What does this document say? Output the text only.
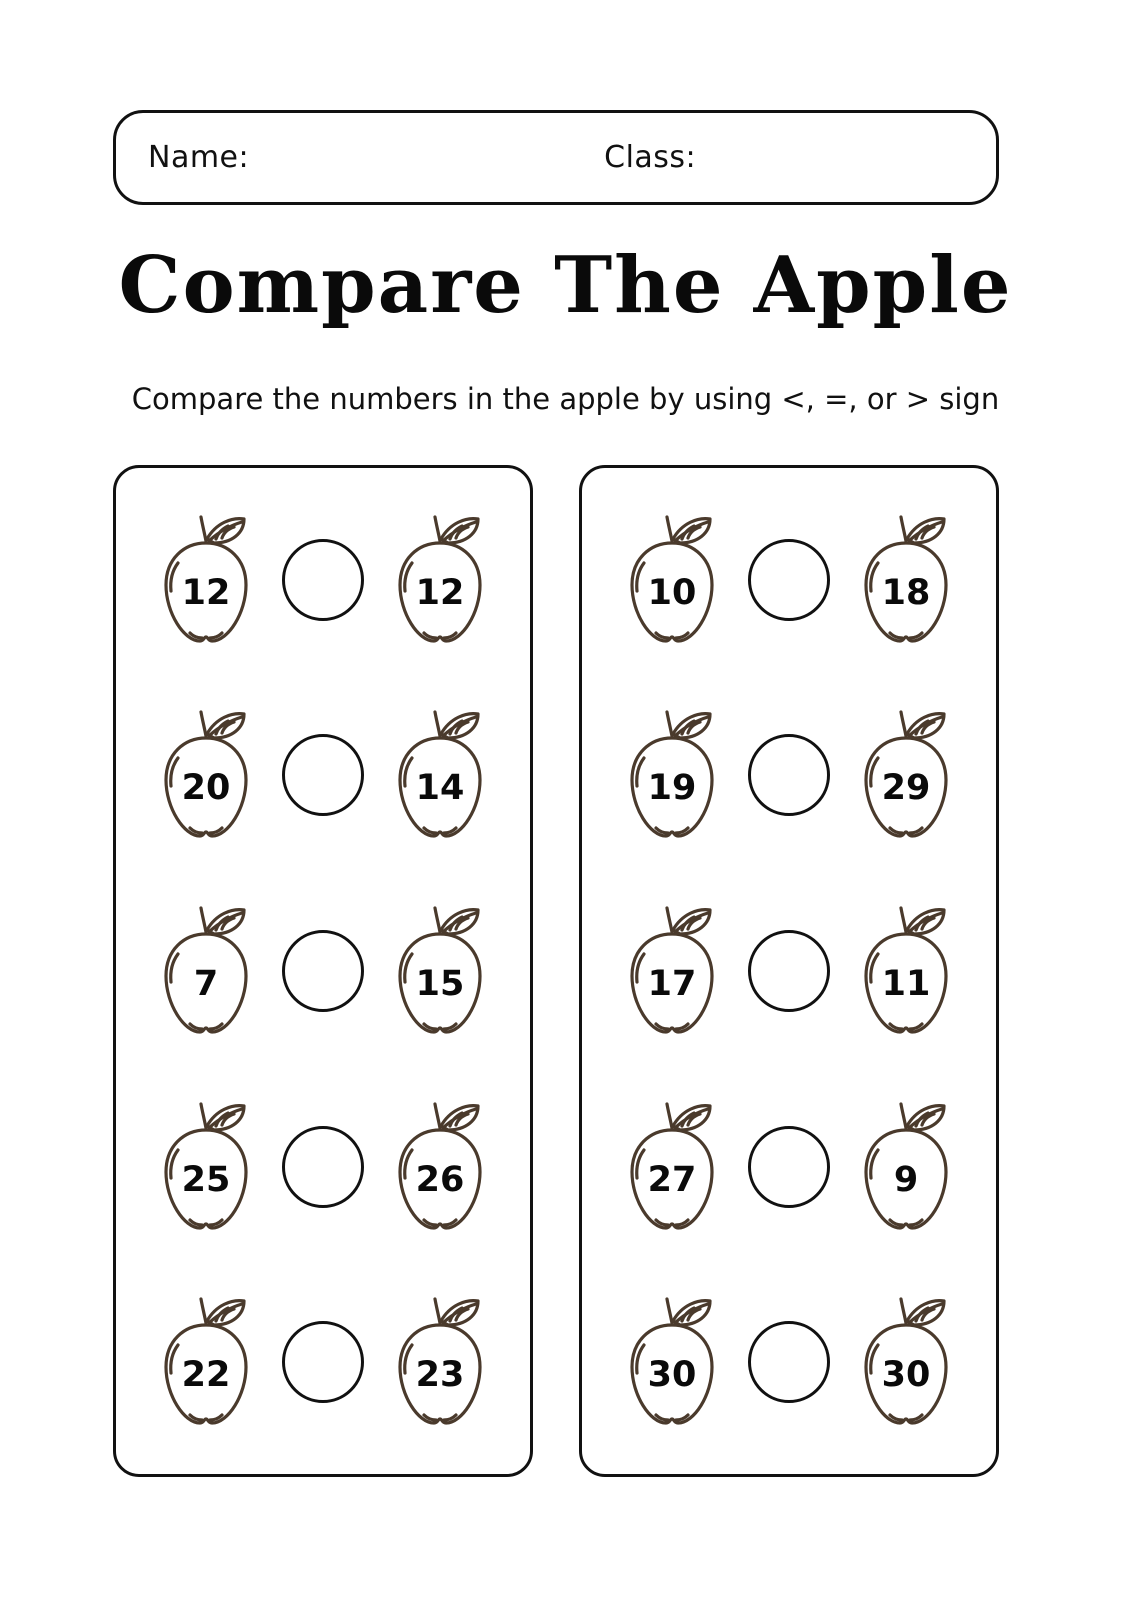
Name:	Class:
Compare The Apple
Compare the numbers in the apple by using <, =, or > sign
12	12
20	14
7	15
25	26
22	23
10	18
19	29
17	11
27	9
30	30
